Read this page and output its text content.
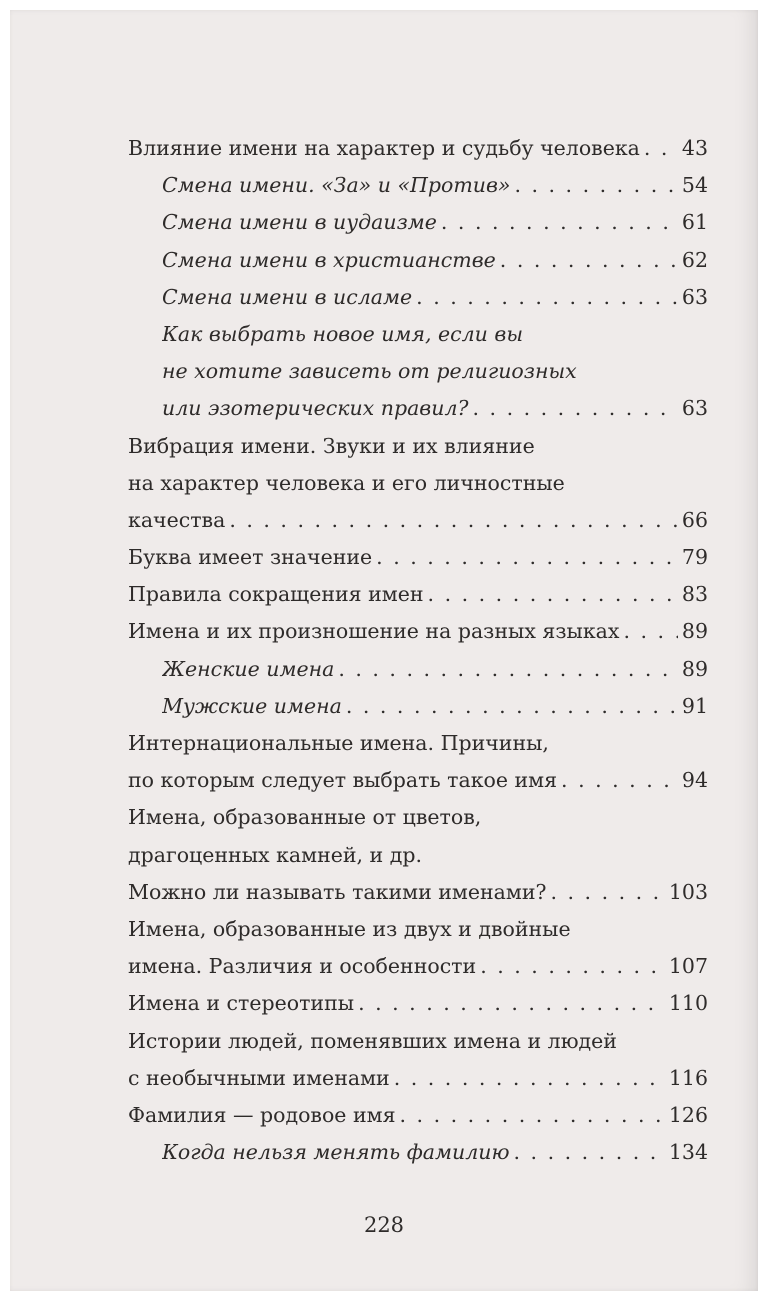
Влияние имени на характер и судьбу человека . . . 43
Смена имени. «За» и «Против» . . .	54
Смена имени в иудаизме . . .	61
Смена имени в христианстве . . .	62
Смена имени в исламе . . .	63
Как выбрать новое имя, если вы
не хотите зависеть от религиозных
или эзотерических правил? . . .	63
Вибрация имени. Звуки и их влияние
на характер человека и его личностные
качества . . .	66
Буква имеет значение . . .	79
Правила сокращения имен . . .	83
Имена и их произношение на разных языках . . .	89
Женские имена . . .	89
Мужские имена . . .	91
Интернациональные имена. Причины,
по которым следует выбрать такое имя . . .	94
Имена, образованные от цветов,
драгоценных камней, и др.
Можно ли называть такими именами? . . .	103
Имена, образованные из двух и двойные
имена. Различия и особенности . . .	107
Имена и стереотипы . . .	110
Истории людей, поменявших имена и людей
с необычными именами . . .	116
Фамилия — родовое имя . . .	126
Когда нельзя менять фамилию . . .	134
228
